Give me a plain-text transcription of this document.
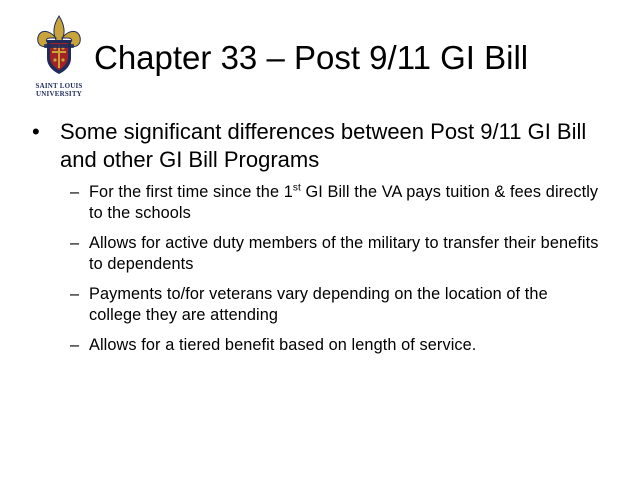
SAINT LOUIS
UNIVERSITY
Chapter 33 – Post 9/11 GI Bill
• Some significant differences between Post 9/11 GI Bill and other GI Bill Programs
– For the first time since the 1st GI Bill the VA pays tuition & fees directly to the schools
– Allows for active duty members of the military to transfer their benefits to dependents
– Payments to/for veterans vary depending on the location of the college they are attending
– Allows for a tiered benefit based on length of service.
